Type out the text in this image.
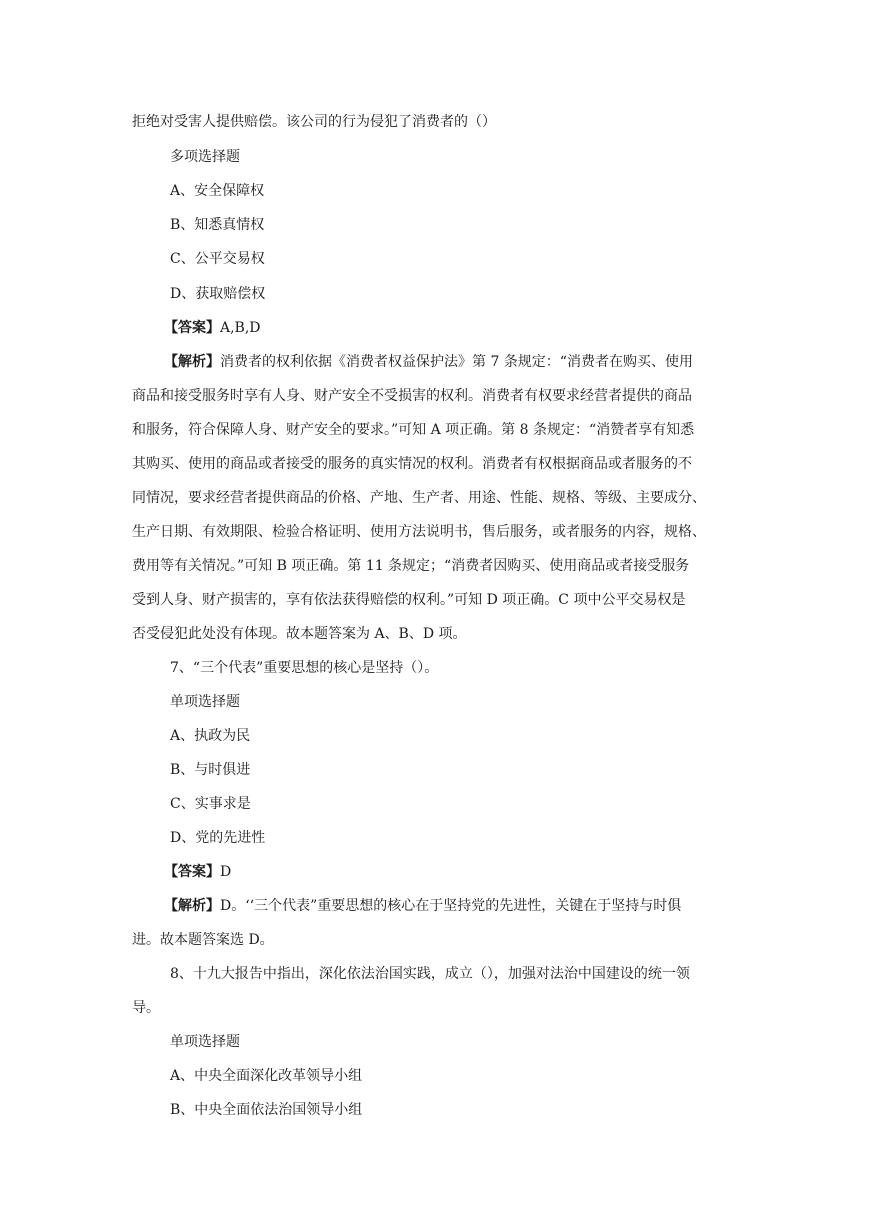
拒绝对受害人提供赔偿。该公司的行为侵犯了消费者的（）

多项选择题

A、安全保障权

B、知悉真情权

C、公平交易权

D、获取赔偿权

【答案】A,B,D

【解析】消费者的权利依据《消费者权益保护法》第 7 条规定：“消费者在购买、使用

商品和接受服务时享有人身、财产安全不受损害的权利。消费者有权要求经营者提供的商品

和服务，符合保障人身、财产安全的要求。”可知 A 项正确。第 8 条规定：“消赞者享有知悉

其购买、使用的商品或者接受的服务的真实情况的权利。消费者有权根据商品或者服务的不

同情况，要求经营者提供商品的价格、产地、生产者、用途、性能、规格、等级、主要成分、

生产日期、有效期限、检验合格证明、使用方法说明书，售后服务，或者服务的内容，规格、

费用等有关情况。”可知 B 项正确。第 11 条规定；“消费者因购买、使用商品或者接受服务

受到人身、财产损害的，享有依法获得赔偿的权利。”可知 D 项正确。C 项中公平交易权是

否受侵犯此处没有体现。故本题答案为 A、B、D 项。

7、“三个代表”重要思想的核心是坚持（）。

单项选择题

A、执政为民

B、与时俱进

C、实事求是

D、党的先进性

【答案】D

【解析】D。‘‘三个代表”重要思想的核心在于坚持党的先进性，关键在于坚持与时俱

进。故本题答案选 D。

8、十九大报告中指出，深化依法治国实践，成立（），加强对法治中国建设的统一领

导。

单项选择题

A、中央全面深化改革领导小组

B、中央全面依法治国领导小组
